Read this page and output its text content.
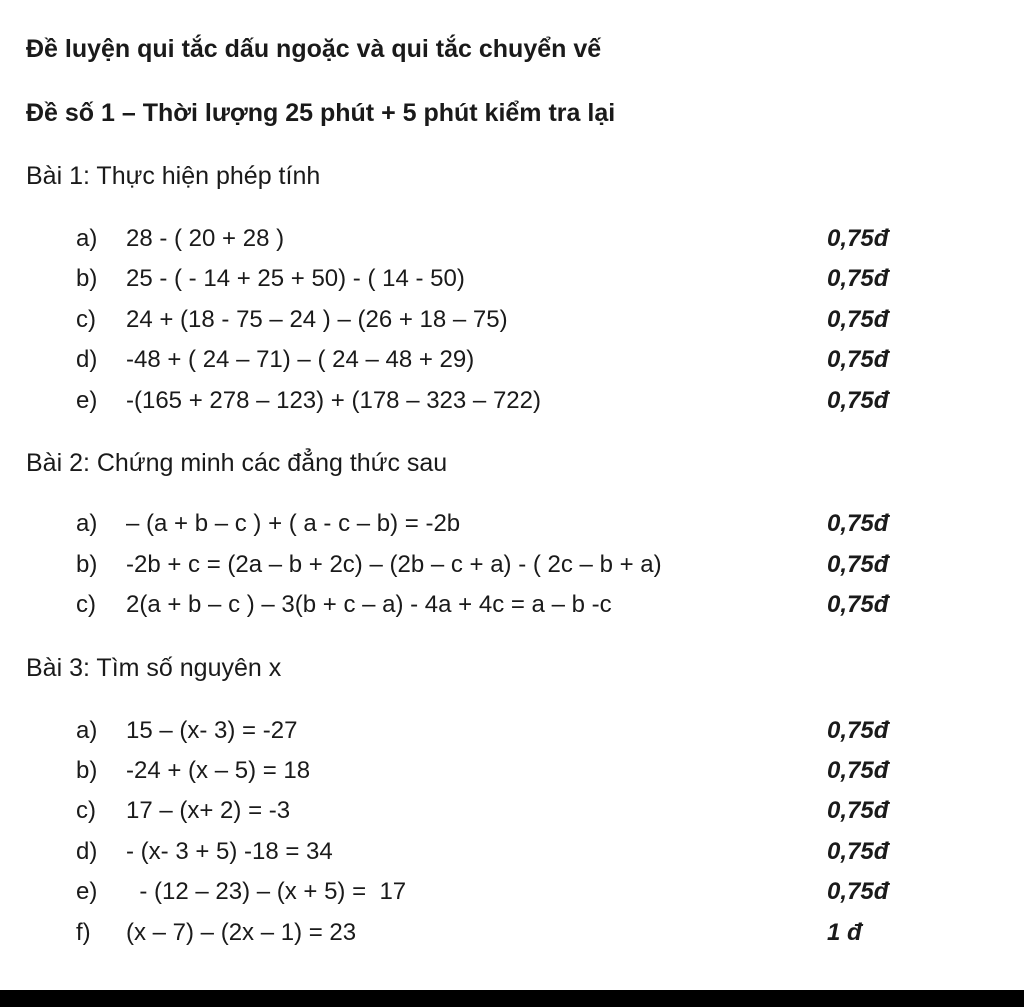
Đề luyện qui tắc dấu ngoặc và qui tắc chuyển vế
Đề số 1 – Thời lượng 25 phút + 5 phút kiểm tra lại
Bài 1: Thực hiện phép tính
a) 28 - ( 20 + 28 )	0,75đ
b) 25 - ( - 14 + 25 + 50) - ( 14 - 50)	0,75đ
c) 24 + (18 - 75 – 24 ) – (26 + 18 – 75)	0,75đ
d) -48 + ( 24 – 71) – ( 24 – 48 + 29)	0,75đ
e) -(165 + 278 – 123) + (178 – 323 – 722)	0,75đ
Bài 2: Chứng minh các đẳng thức sau
a) – (a + b – c ) + ( a - c – b) = -2b	0,75đ
b) -2b + c = (2a – b + 2c) – (2b – c + a) - ( 2c – b + a)	0,75đ
c) 2(a + b – c ) – 3(b + c – a) - 4a + 4c = a – b -c	0,75đ
Bài 3: Tìm số nguyên x
a) 15 – (x- 3) = -27	0,75đ
b) -24 + (x – 5) = 18	0,75đ
c) 17 – (x+ 2) = -3	0,75đ
d) - (x- 3 + 5) -18 = 34	0,75đ
e) - (12 – 23) – (x + 5) =  17	0,75đ
f) (x – 7) – (2x – 1) = 23	1 đ
